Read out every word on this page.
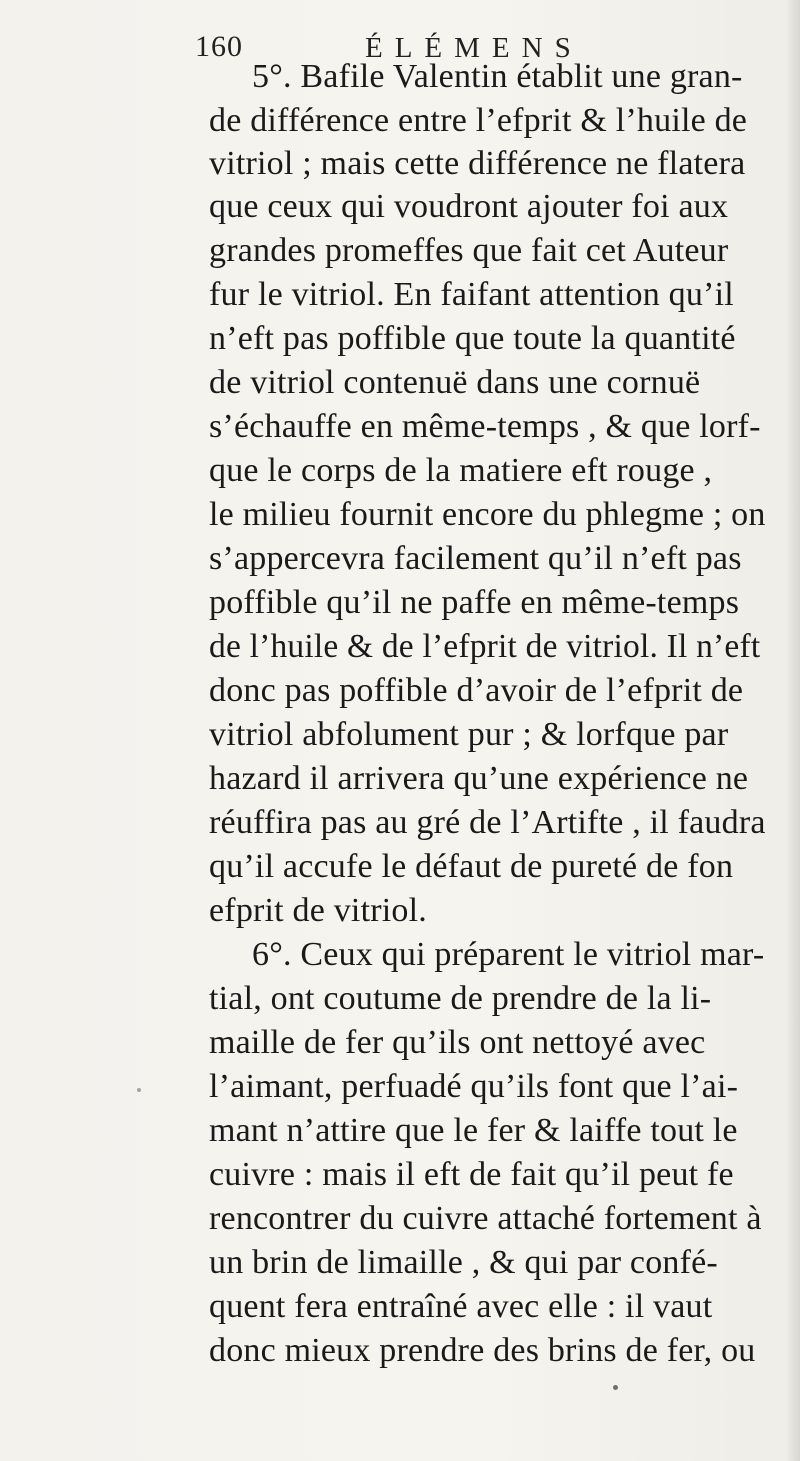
160	ÉLÉMENS
5°. Bafile Valentin établit une gran-
de différence entre l’efprit & l’huile de
vitriol ; mais cette différence ne flatera
que ceux qui voudront ajouter foi aux
grandes promeffes que fait cet Auteur
fur le vitriol. En faifant attention qu’il
n’eft pas poffible que toute la quantité
de vitriol contenuë dans une cornuë
s’échauffe en même-temps , & que lorf-
que le corps de la matiere eft rouge ,
le milieu fournit encore du phlegme ; on
s’appercevra facilement qu’il n’eft pas
poffible qu’il ne paffe en même-temps
de l’huile & de l’efprit de vitriol. Il n’eft
donc pas poffible d’avoir de l’efprit de
vitriol abfolument pur ; & lorfque par
hazard il arrivera qu’une expérience ne
réuffira pas au gré de l’Artifte , il faudra
qu’il accufe le défaut de pureté de fon
efprit de vitriol.
6°. Ceux qui préparent le vitriol mar-
tial, ont coutume de prendre de la li-
maille de fer qu’ils ont nettoyé avec
l’aimant, perfuadé qu’ils font que l’ai-
mant n’attire que le fer & laiffe tout le
cuivre : mais il eft de fait qu’il peut fe
rencontrer du cuivre attaché fortement à
un brin de limaille , & qui par confé-
quent fera entraîné avec elle : il vaut
donc mieux prendre des brins de fer, ou
